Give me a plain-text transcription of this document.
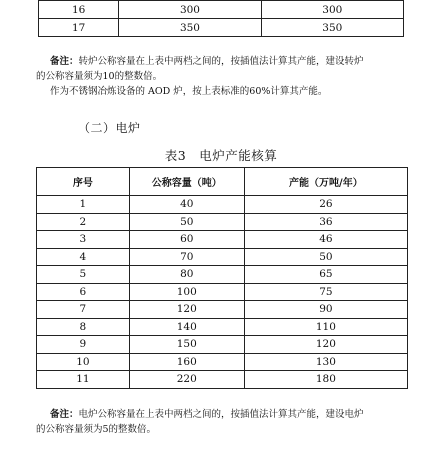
16	300	300
17	350	350
备注：转炉公称容量在上表中两档之间的，按插值法计算其产能，建设转炉
的公称容量须为10的整数倍。
作为不锈钢冶炼设备的 AOD 炉，按上表标准的60%计算其产能。
（二）电炉
表3　电炉产能核算
序号	公称容量（吨）	产能（万吨/年）
1	40	26
2	50	36
3	60	46
4	70	50
5	80	65
6	100	75
7	120	90
8	140	110
9	150	120
10	160	130
11	220	180
备注：电炉公称容量在上表中两档之间的，按插值法计算其产能，建设电炉
的公称容量须为5的整数倍。
